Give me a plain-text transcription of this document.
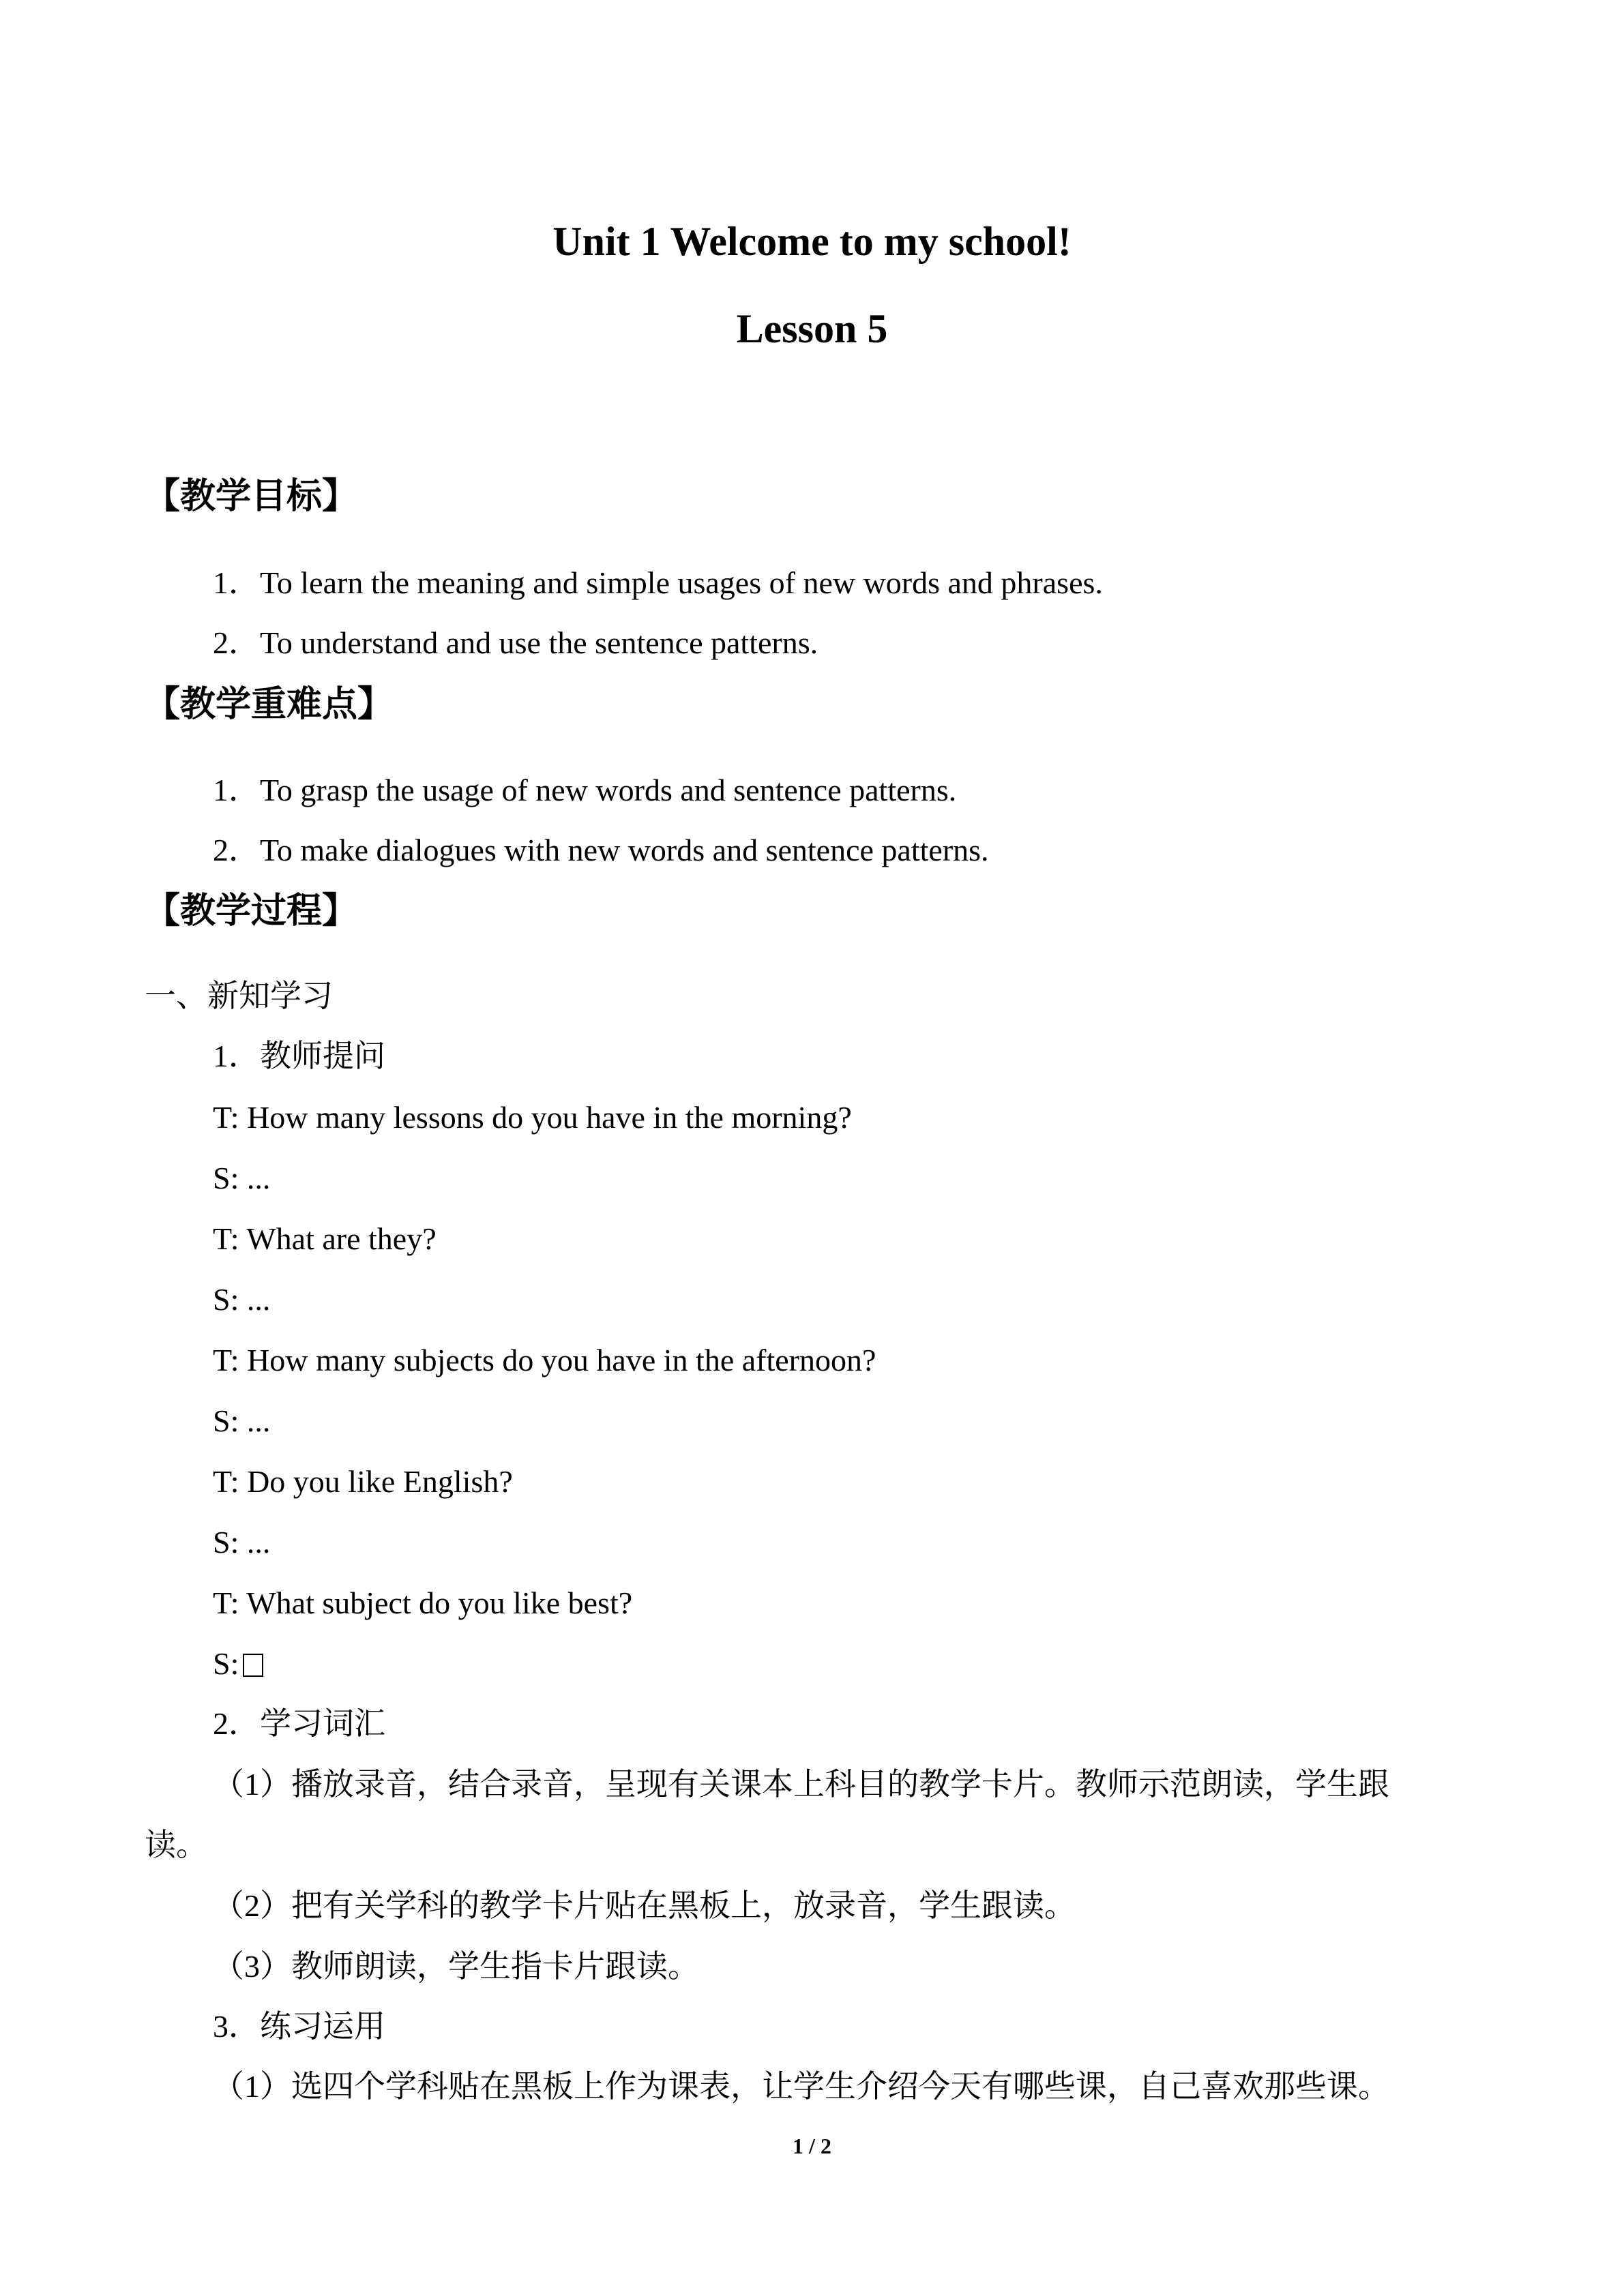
Unit 1 Welcome to my school!
Lesson 5
【教学目标】
1．To learn the meaning and simple usages of new words and phrases.
2．To understand and use the sentence patterns.
【教学重难点】
1．To grasp the usage of new words and sentence patterns.
2．To make dialogues with new words and sentence patterns.
【教学过程】
一、新知学习
1．教师提问
T: How many lessons do you have in the morning?
S: ...
T: What are they?
S: ...
T: How many subjects do you have in the afternoon?
S: ...
T: Do you like English?
S: ...
T: What subject do you like best?
S:
2．学习词汇
（1）播放录音，结合录音，呈现有关课本上科目的教学卡片。教师示范朗读，学生跟
读。
（2）把有关学科的教学卡片贴在黑板上，放录音，学生跟读。
（3）教师朗读，学生指卡片跟读。
3．练习运用
（1）选四个学科贴在黑板上作为课表，让学生介绍今天有哪些课，自己喜欢那些课。
1 / 2
